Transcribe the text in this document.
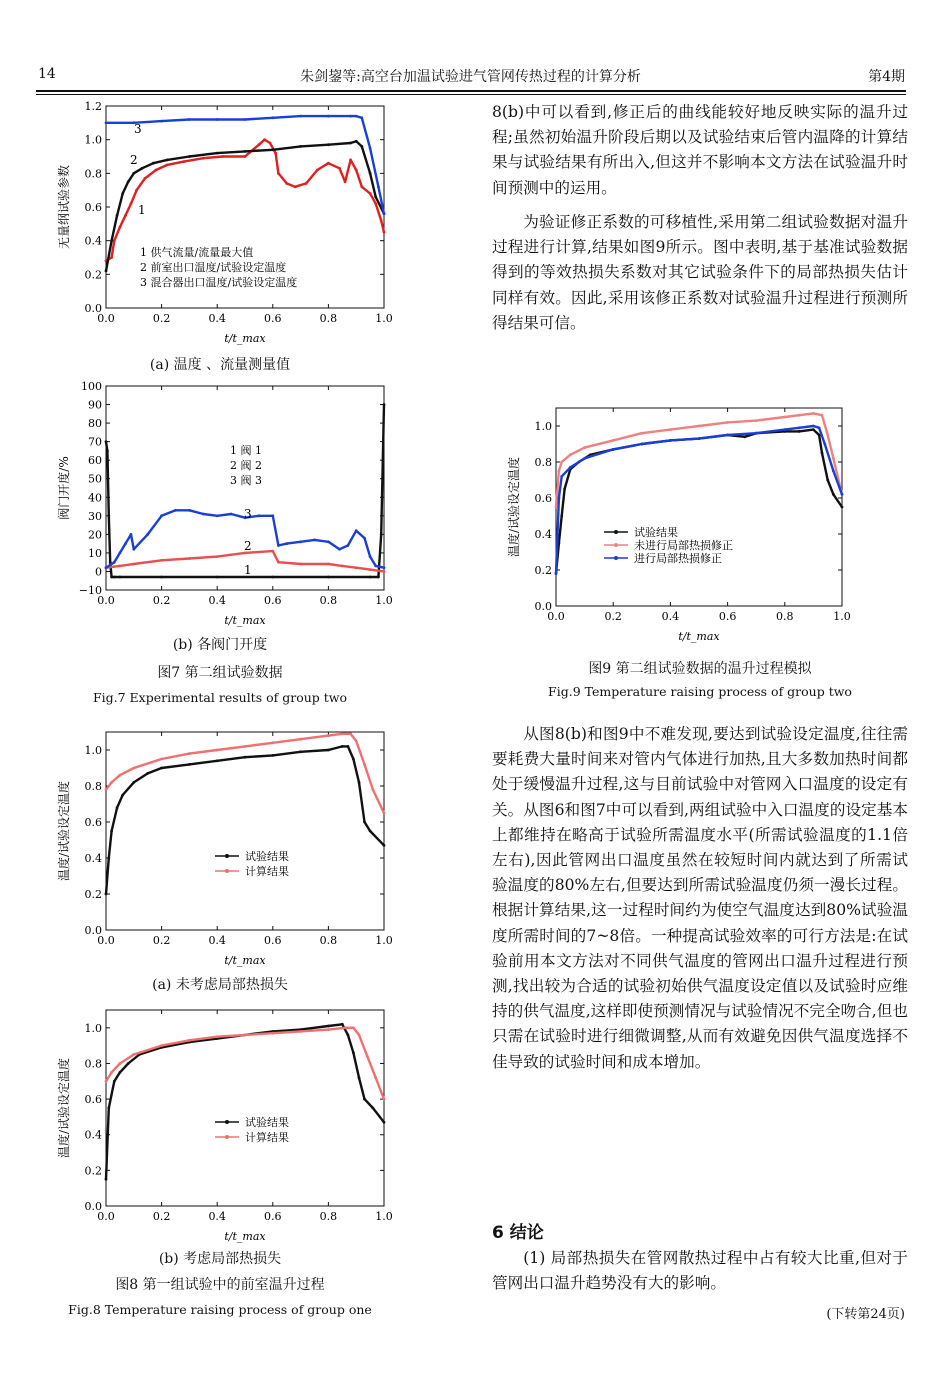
14	朱剑鋆等:高空台加温试验进气管网传热过程的计算分析	第4期
0.0
0.2
0.4
0.6
0.8
1.0
1.2
0.0	0.2	0.4	0.6	0.8	1.0
t/t_max
无量纲试验参数	1
2
3
1 供气流量/流量最大值
2 前室出口温度/试验设定温度
3 混合器出口温度/试验设定温度
(a) 温度 、流量测量值
−10
0
10
20
30
40
50
60
70
80
90
100
0.0	0.2	0.4	0.6	0.8	1.0
t/t_max
阀门开度/%
1
2
3
1 阀 1
2 阀 2
3 阀 3
(b) 各阀门开度
图7 第二组试验数据
Fig.7 Experimental results of group two
0.0
0.2
0.4
0.6
0.8
1.0
0.0	0.2	0.4	0.6	0.8	1.0
t/t_max
温度/试验设定温度	试验结果
计算结果
(a) 未考虑局部热损失
0.0
0.2
0.4
0.6
0.8
1.0
0.0	0.2	0.4	0.6	0.8	1.0
t/t_max
温度/试验设定温度	试验结果
计算结果
(b) 考虑局部热损失
图8 第一组试验中的前室温升过程
Fig.8 Temperature raising process of group one

8(b)中可以看到,修正后的曲线能较好地反映实际的温升过程;虽然初始温升阶段后期以及试验结束后管内温降的计算结果与试验结果有所出入,但这并不影响本文方法在试验温升时间预测中的运用。

为验证修正系数的可移植性,采用第二组试验数据对温升过程进行计算,结果如图9所示。图中表明,基于基准试验数据得到的等效热损失系数对其它试验条件下的局部热损失估计同样有效。因此,采用该修正系数对试验温升过程进行预测所得结果可信。

0.0
0.2
0.4
0.6
0.8
1.0
0.0	0.2	0.4	0.6	0.8	1.0
t/t_max
温度/试验设定温度	试验结果
未进行局部热损修正
进行局部热损修正
图9 第二组试验数据的温升过程模拟
Fig.9 Temperature raising process of group two

从图8(b)和图9中不难发现,要达到试验设定温度,往往需要耗费大量时间来对管内气体进行加热,且大多数加热时间都处于缓慢温升过程,这与目前试验中对管网入口温度的设定有关。从图6和图7中可以看到,两组试验中入口温度的设定基本上都维持在略高于试验所需温度水平(所需试验温度的1.1倍左右),因此管网出口温度虽然在较短时间内就达到了所需试验温度的80%左右,但要达到所需试验温度仍须一漫长过程。根据计算结果,这一过程时间约为使空气温度达到80%试验温度所需时间的7~8倍。一种提高试验效率的可行方法是:在试验前用本文方法对不同供气温度的管网出口温升过程进行预测,找出较为合适的试验初始供气温度设定值以及试验时应维持的供气温度,这样即使预测情况与试验情况不完全吻合,但也只需在试验时进行细微调整,从而有效避免因供气温度选择不佳导致的试验时间和成本增加。

6 结论

(1) 局部热损失在管网散热过程中占有较大比重,但对于管网出口温升趋势没有大的影响。

(下转第24页)
